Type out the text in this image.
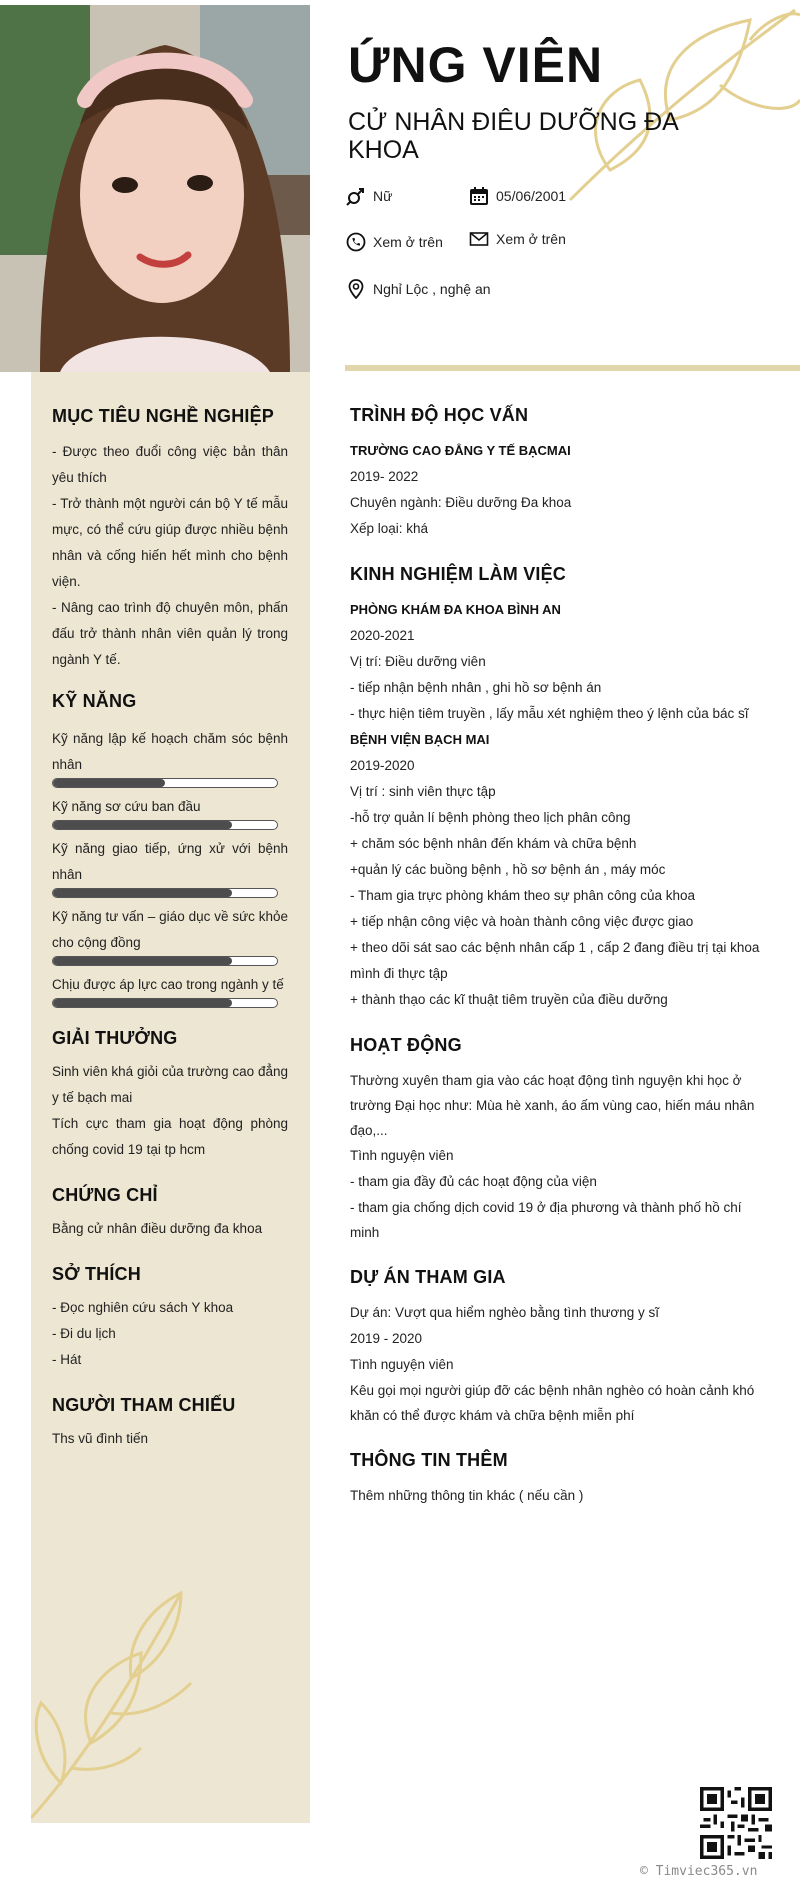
ỨNG VIÊN
CỬ NHÂN ĐIÊU DƯỠNG ĐA KHOA
Nữ	05/06/2001
Xem ở trên	Xem ở trên
Nghỉ Lộc , nghệ an
MỤC TIÊU NGHỀ NGHIỆP
- Được theo đuổi công việc bản thân yêu thích
- Trở thành một người cán bộ Y tế mẫu mực, có thể cứu giúp được nhiều bệnh nhân và cống hiến hết mình cho bệnh viện.
- Nâng cao trình độ chuyên môn, phấn đấu trở thành nhân viên quản lý trong ngành Y tế.
KỸ NĂNG
Kỹ năng lập kế hoạch chăm sóc bệnh nhân
Kỹ năng sơ cứu ban đầu
Kỹ năng giao tiếp, ứng xử với bệnh nhân
Kỹ năng tư vấn – giáo dục về sức khỏe cho cộng đồng
Chịu được áp lực cao trong ngành y tế
GIẢI THƯỞNG
Sinh viên khá giỏi của trường cao đẳng y tế bạch mai
Tích cực tham gia hoạt động phòng chống covid 19 tại tp hcm
CHỨNG CHỈ
Bằng cử nhân điều dưỡng đa khoa
SỞ THÍCH
- Đọc nghiên cứu sách Y khoa
- Đi du lịch
- Hát
NGƯỜI THAM CHIẾU
Ths vũ đình tiến
TRÌNH ĐỘ HỌC VẤN
TRƯỜNG CAO ĐẲNG Y TẾ BẠCMAI
2019- 2022
Chuyên ngành: Điều dưỡng Đa khoa
Xếp loại: khá
KINH NGHIỆM LÀM VIỆC
PHÒNG KHÁM ĐA KHOA BÌNH AN
2020-2021
Vị trí: Điều dưỡng viên
- tiếp nhận bệnh nhân , ghi hồ sơ bệnh án
- thực hiện tiêm truyền , lấy mẫu xét nghiệm theo ý lệnh của bác sĩ
BỆNH VIỆN BẠCH MAI
2019-2020
Vị trí : sinh viên thực tập
-hỗ trợ quản lí bệnh phòng theo lịch phân công
+ chăm sóc bệnh nhân đến khám và chữa bệnh
+quản lý các buồng bệnh , hồ sơ bệnh án , máy móc
- Tham gia trực phòng khám theo sự phân công của khoa
+ tiếp nhận công việc và hoàn thành công việc được giao
+ theo dõi sát sao các bệnh nhân cấp 1 , cấp 2 đang điều trị tại khoa mình đi thực tập
+ thành thạo các kĩ thuật tiêm truyền của điều dưỡng
HOẠT ĐỘNG
Thường xuyên tham gia vào các hoạt động tình nguyện khi học ở trường Đại học như: Mùa hè xanh, áo ấm vùng cao, hiến máu nhân đạo,...
Tình nguyện viên
- tham gia đầy đủ các hoạt động của viện
- tham gia chống dịch covid 19 ở địa phương và thành phố hồ chí minh
DỰ ÁN THAM GIA
Dự án: Vượt qua hiểm nghèo bằng tình thương y sĩ
2019 - 2020
Tình nguyện viên
Kêu gọi mọi người giúp đỡ các bệnh nhân nghèo có hoàn cảnh khó khăn có thể được khám và chữa bệnh miễn phí
THÔNG TIN THÊM
Thêm những thông tin khác ( nếu cần )
© Timviec365.vn
